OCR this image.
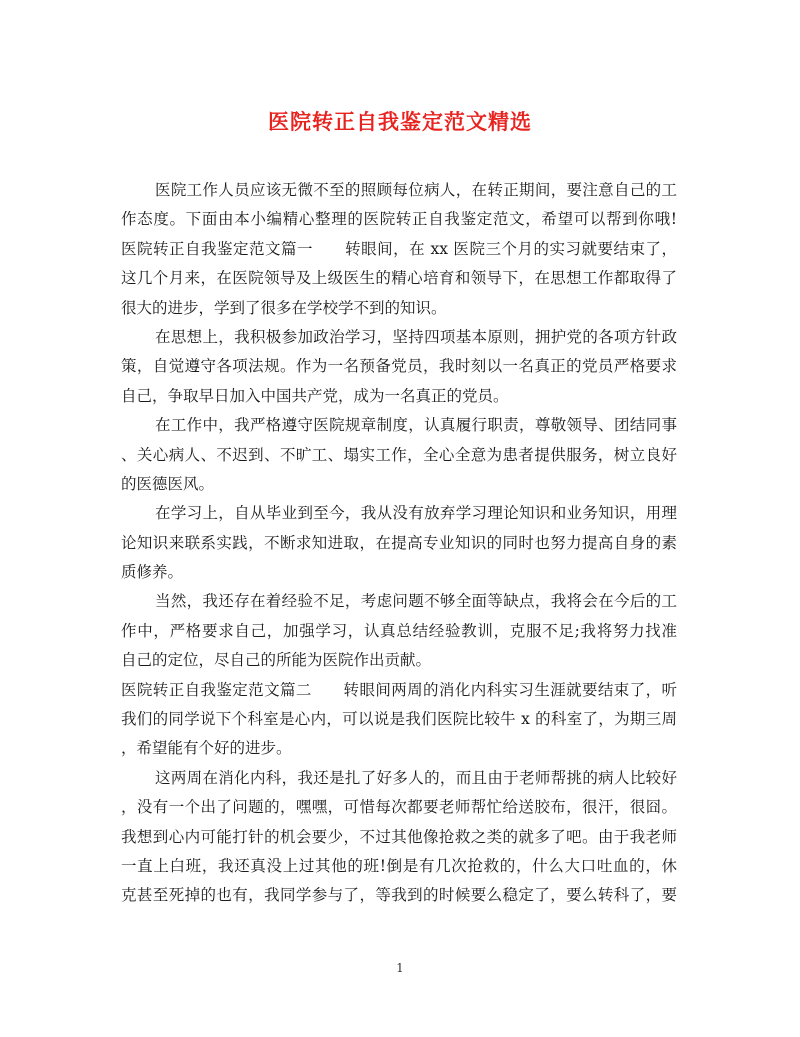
医院转正自我鉴定范文精选
医院工作人员应该无微不至的照顾每位病人，在转正期间，要注意自己的工
作态度。下面由本小编精心整理的医院转正自我鉴定范文，希望可以帮到你哦!
医院转正自我鉴定范文篇一　　转眼间，在 xx 医院三个月的实习就要结束了，
这几个月来，在医院领导及上级医生的精心培育和领导下，在思想工作都取得了
很大的进步，学到了很多在学校学不到的知识。
在思想上，我积极参加政治学习，坚持四项基本原则，拥护党的各项方针政
策，自觉遵守各项法规。作为一名预备党员，我时刻以一名真正的党员严格要求
自己，争取早日加入中国共产党，成为一名真正的党员。
在工作中，我严格遵守医院规章制度，认真履行职责，尊敬领导、团结同事
、关心病人、不迟到、不旷工、塌实工作，全心全意为患者提供服务，树立良好
的医德医风。
在学习上，自从毕业到至今，我从没有放弃学习理论知识和业务知识，用理
论知识来联系实践，不断求知进取，在提高专业知识的同时也努力提高自身的素
质修养。
当然，我还存在着经验不足，考虑问题不够全面等缺点，我将会在今后的工
作中，严格要求自己，加强学习，认真总结经验教训，克服不足;我将努力找准
自己的定位，尽自己的所能为医院作出贡献。
医院转正自我鉴定范文篇二　　转眼间两周的消化内科实习生涯就要结束了，听
我们的同学说下个科室是心内，可以说是我们医院比较牛 x 的科室了，为期三周
，希望能有个好的进步。
这两周在消化内科，我还是扎了好多人的，而且由于老师帮挑的病人比较好
，没有一个出了问题的，嘿嘿，可惜每次都要老师帮忙给送胶布，很汗，很囧。
我想到心内可能打针的机会要少，不过其他像抢救之类的就多了吧。由于我老师
一直上白班，我还真没上过其他的班!倒是有几次抢救的，什么大口吐血的，休
克甚至死掉的也有，我同学参与了，等我到的时候要么稳定了，要么转科了，要
1
